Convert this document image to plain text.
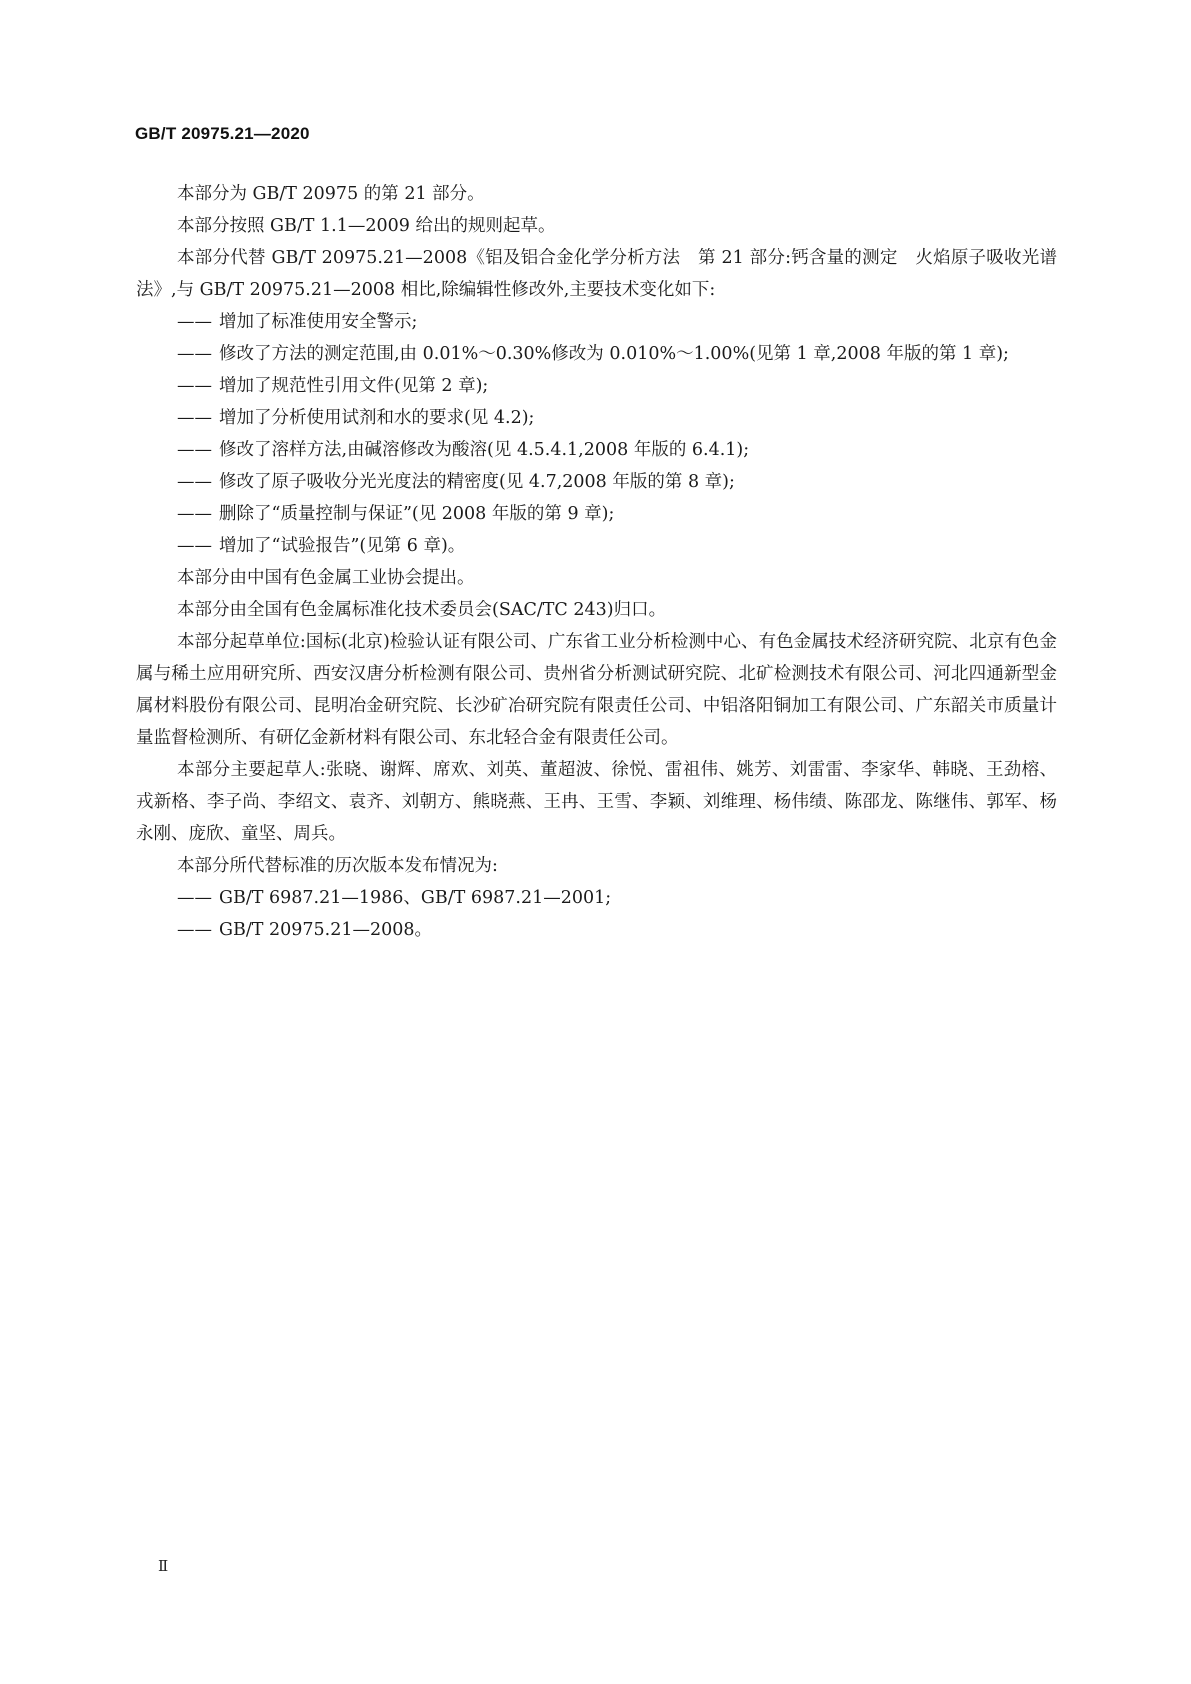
GB/T 20975.21—2020

本部分为 GB/T 20975 的第 21 部分。

本部分按照 GB/T 1.1—2009 给出的规则起草。

本部分代替 GB/T 20975.21—2008《铝及铝合金化学分析方法　第 21 部分:钙含量的测定　火焰原子吸收光谱法》,与 GB/T 20975.21—2008 相比,除编辑性修改外,主要技术变化如下:

—— 增加了标准使用安全警示;

—— 修改了方法的测定范围,由 0.01%～0.30%修改为 0.010%～1.00%(见第 1 章,2008 年版的第 1 章);

—— 增加了规范性引用文件(见第 2 章);

—— 增加了分析使用试剂和水的要求(见 4.2);

—— 修改了溶样方法,由碱溶修改为酸溶(见 4.5.4.1,2008 年版的 6.4.1);

—— 修改了原子吸收分光光度法的精密度(见 4.7,2008 年版的第 8 章);

—— 删除了“质量控制与保证”(见 2008 年版的第 9 章);

—— 增加了“试验报告”(见第 6 章)。

本部分由中国有色金属工业协会提出。

本部分由全国有色金属标准化技术委员会(SAC/TC 243)归口。

本部分起草单位:国标(北京)检验认证有限公司、广东省工业分析检测中心、有色金属技术经济研究院、北京有色金属与稀土应用研究所、西安汉唐分析检测有限公司、贵州省分析测试研究院、北矿检测技术有限公司、河北四通新型金属材料股份有限公司、昆明冶金研究院、长沙矿冶研究院有限责任公司、中铝洛阳铜加工有限公司、广东韶关市质量计量监督检测所、有研亿金新材料有限公司、东北轻合金有限责任公司。

本部分主要起草人:张晓、谢辉、席欢、刘英、董超波、徐悦、雷祖伟、姚芳、刘雷雷、李家华、韩晓、王劲榕、戎新格、李子尚、李绍文、袁齐、刘朝方、熊晓燕、王冉、王雪、李颖、刘维理、杨伟绩、陈邵龙、陈继伟、郭军、杨永刚、庞欣、童坚、周兵。

本部分所代替标准的历次版本发布情况为:

—— GB/T 6987.21—1986、GB/T 6987.21—2001;

—— GB/T 20975.21—2008。

Ⅱ
